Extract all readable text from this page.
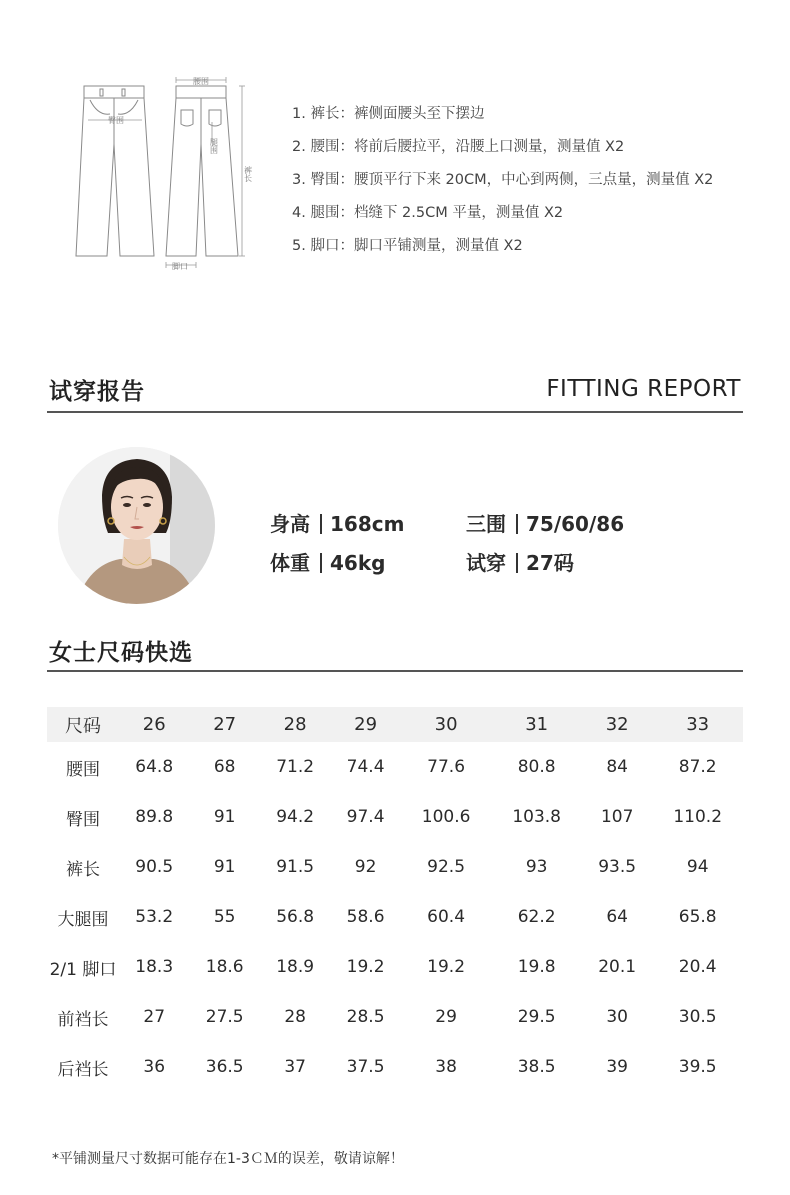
腰围
臀围
腿围
裤长
脚口
1. 裤长：裤侧面腰头至下摆边
2. 腰围：将前后腰拉平，沿腰上口测量，测量值 X2
3. 臀围：腰顶平行下来 20CM，中心到两侧，三点量，测量值 X2
4. 腿围：档缝下 2.5CM 平量，测量值 X2
5. 脚口：脚口平铺测量，测量值 X2
试穿报告	FITTING REPORT
身高 168cm	三围 75/60/86
体重 46kg	试穿 27码
女士尺码快选
尺码	26	27	28	29	30	31	32	33
腰围	64.8	68	71.2	74.4	77.6	80.8	84	87.2
臀围	89.8	91	94.2	97.4	100.6	103.8	107	110.2
裤长	90.5	91	91.5	92	92.5	93	93.5	94
大腿围	53.2	55	56.8	58.6	60.4	62.2	64	65.8
2/1 脚口	18.3	18.6	18.9	19.2	19.2	19.8	20.1	20.4
前裆长	27	27.5	28	28.5	29	29.5	30	30.5
后裆长	36	36.5	37	37.5	38	38.5	39	39.5
*平铺测量尺寸数据可能存在1-3ＣＭ的误差，敬请谅解！
